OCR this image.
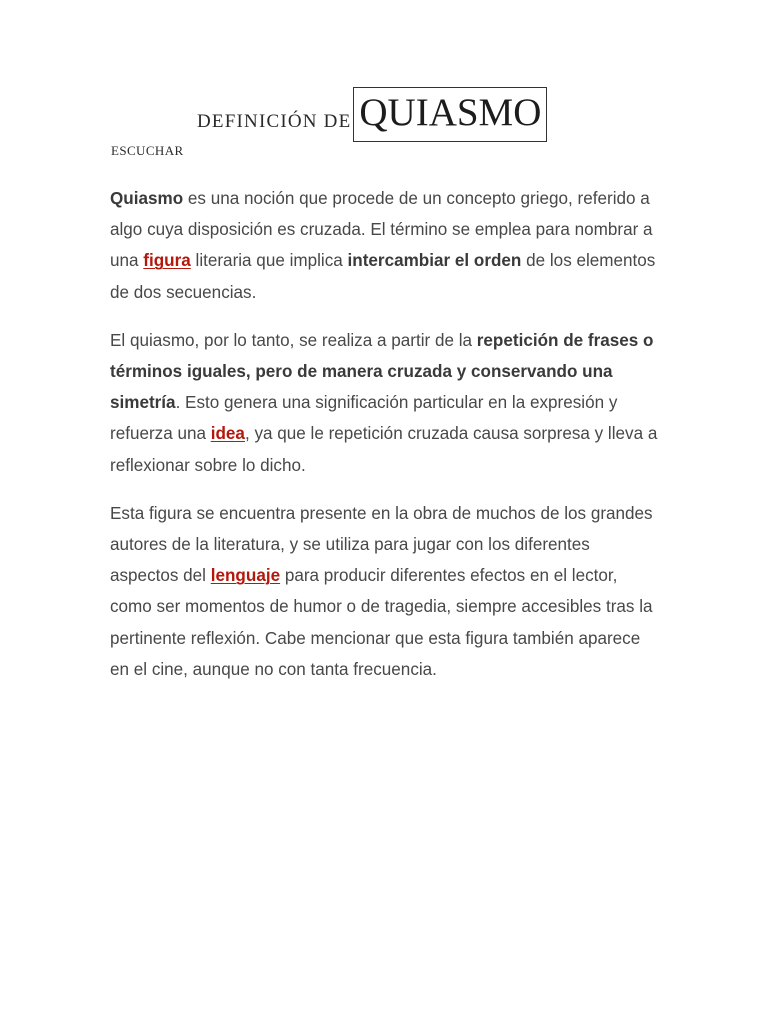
DEFINICIÓN DE QUIASMO
ESCUCHAR

Quiasmo es una noción que procede de un concepto griego, referido a algo cuya disposición es cruzada. El término se emplea para nombrar a una figura literaria que implica intercambiar el orden de los elementos de dos secuencias.

El quiasmo, por lo tanto, se realiza a partir de la repetición de frases o términos iguales, pero de manera cruzada y conservando una simetría. Esto genera una significación particular en la expresión y refuerza una idea, ya que le repetición cruzada causa sorpresa y lleva a reflexionar sobre lo dicho.

Esta figura se encuentra presente en la obra de muchos de los grandes autores de la literatura, y se utiliza para jugar con los diferentes aspectos del lenguaje para producir diferentes efectos en el lector, como ser momentos de humor o de tragedia, siempre accesibles tras la pertinente reflexión. Cabe mencionar que esta figura también aparece en el cine, aunque no con tanta frecuencia.
